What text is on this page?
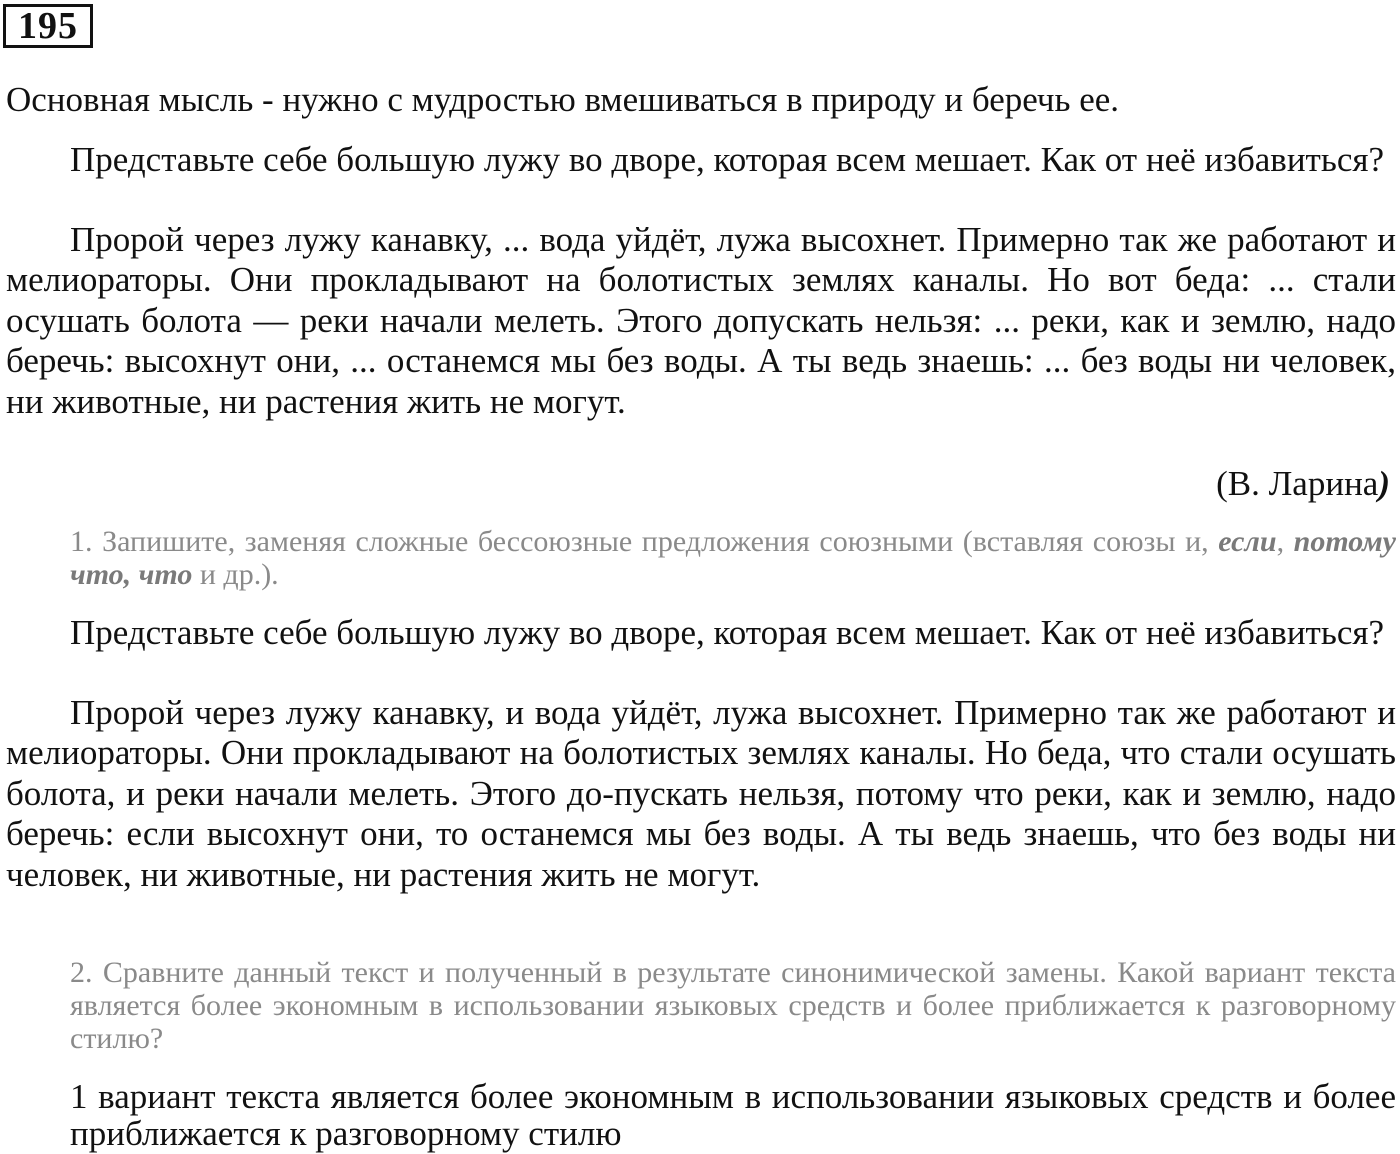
195

Основная мысль - нужно с мудростью вмешиваться в природу и беречь ее.

Представьте себе большую лужу во дворе, которая всем мешает. Как от неё избавиться?

Пророй через лужу канавку, ... вода уйдёт, лужа высохнет. Примерно так же работают и мелиораторы. Они прокладывают на болотистых землях каналы. Но вот беда: ... стали осушать болота — реки начали мелеть. Этого допускать нельзя: ... реки, как и землю, надо беречь: высохнут они, ... останемся мы без воды. А ты ведь знаешь: ... без воды ни человек, ни животные, ни растения жить не могут.

(В. Ларина)

1. Запишите, заменяя сложные бессоюзные предложения союзными (вставляя союзы и, если, потому что, что и др.).

Представьте себе большую лужу во дворе, которая всем мешает. Как от неё избавиться?

Пророй через лужу канавку, и вода уйдёт, лужа высохнет. Примерно так же работают и мелиораторы. Они прокладывают на болотистых землях каналы. Но беда, что стали осушать болота, и реки начали мелеть. Этого до-пускать нельзя, потому что реки, как и землю, надо беречь: если высохнут они, то останемся мы без воды. А ты ведь знаешь, что без воды ни человек, ни животные, ни растения жить не могут.

2. Сравните данный текст и полученный в результате синонимической замены. Какой вариант текста является более экономным в использовании языковых средств и более приближается к разговорному стилю?

1 вариант текста является более экономным в использовании языковых средств и более приближается к разговорному стилю
